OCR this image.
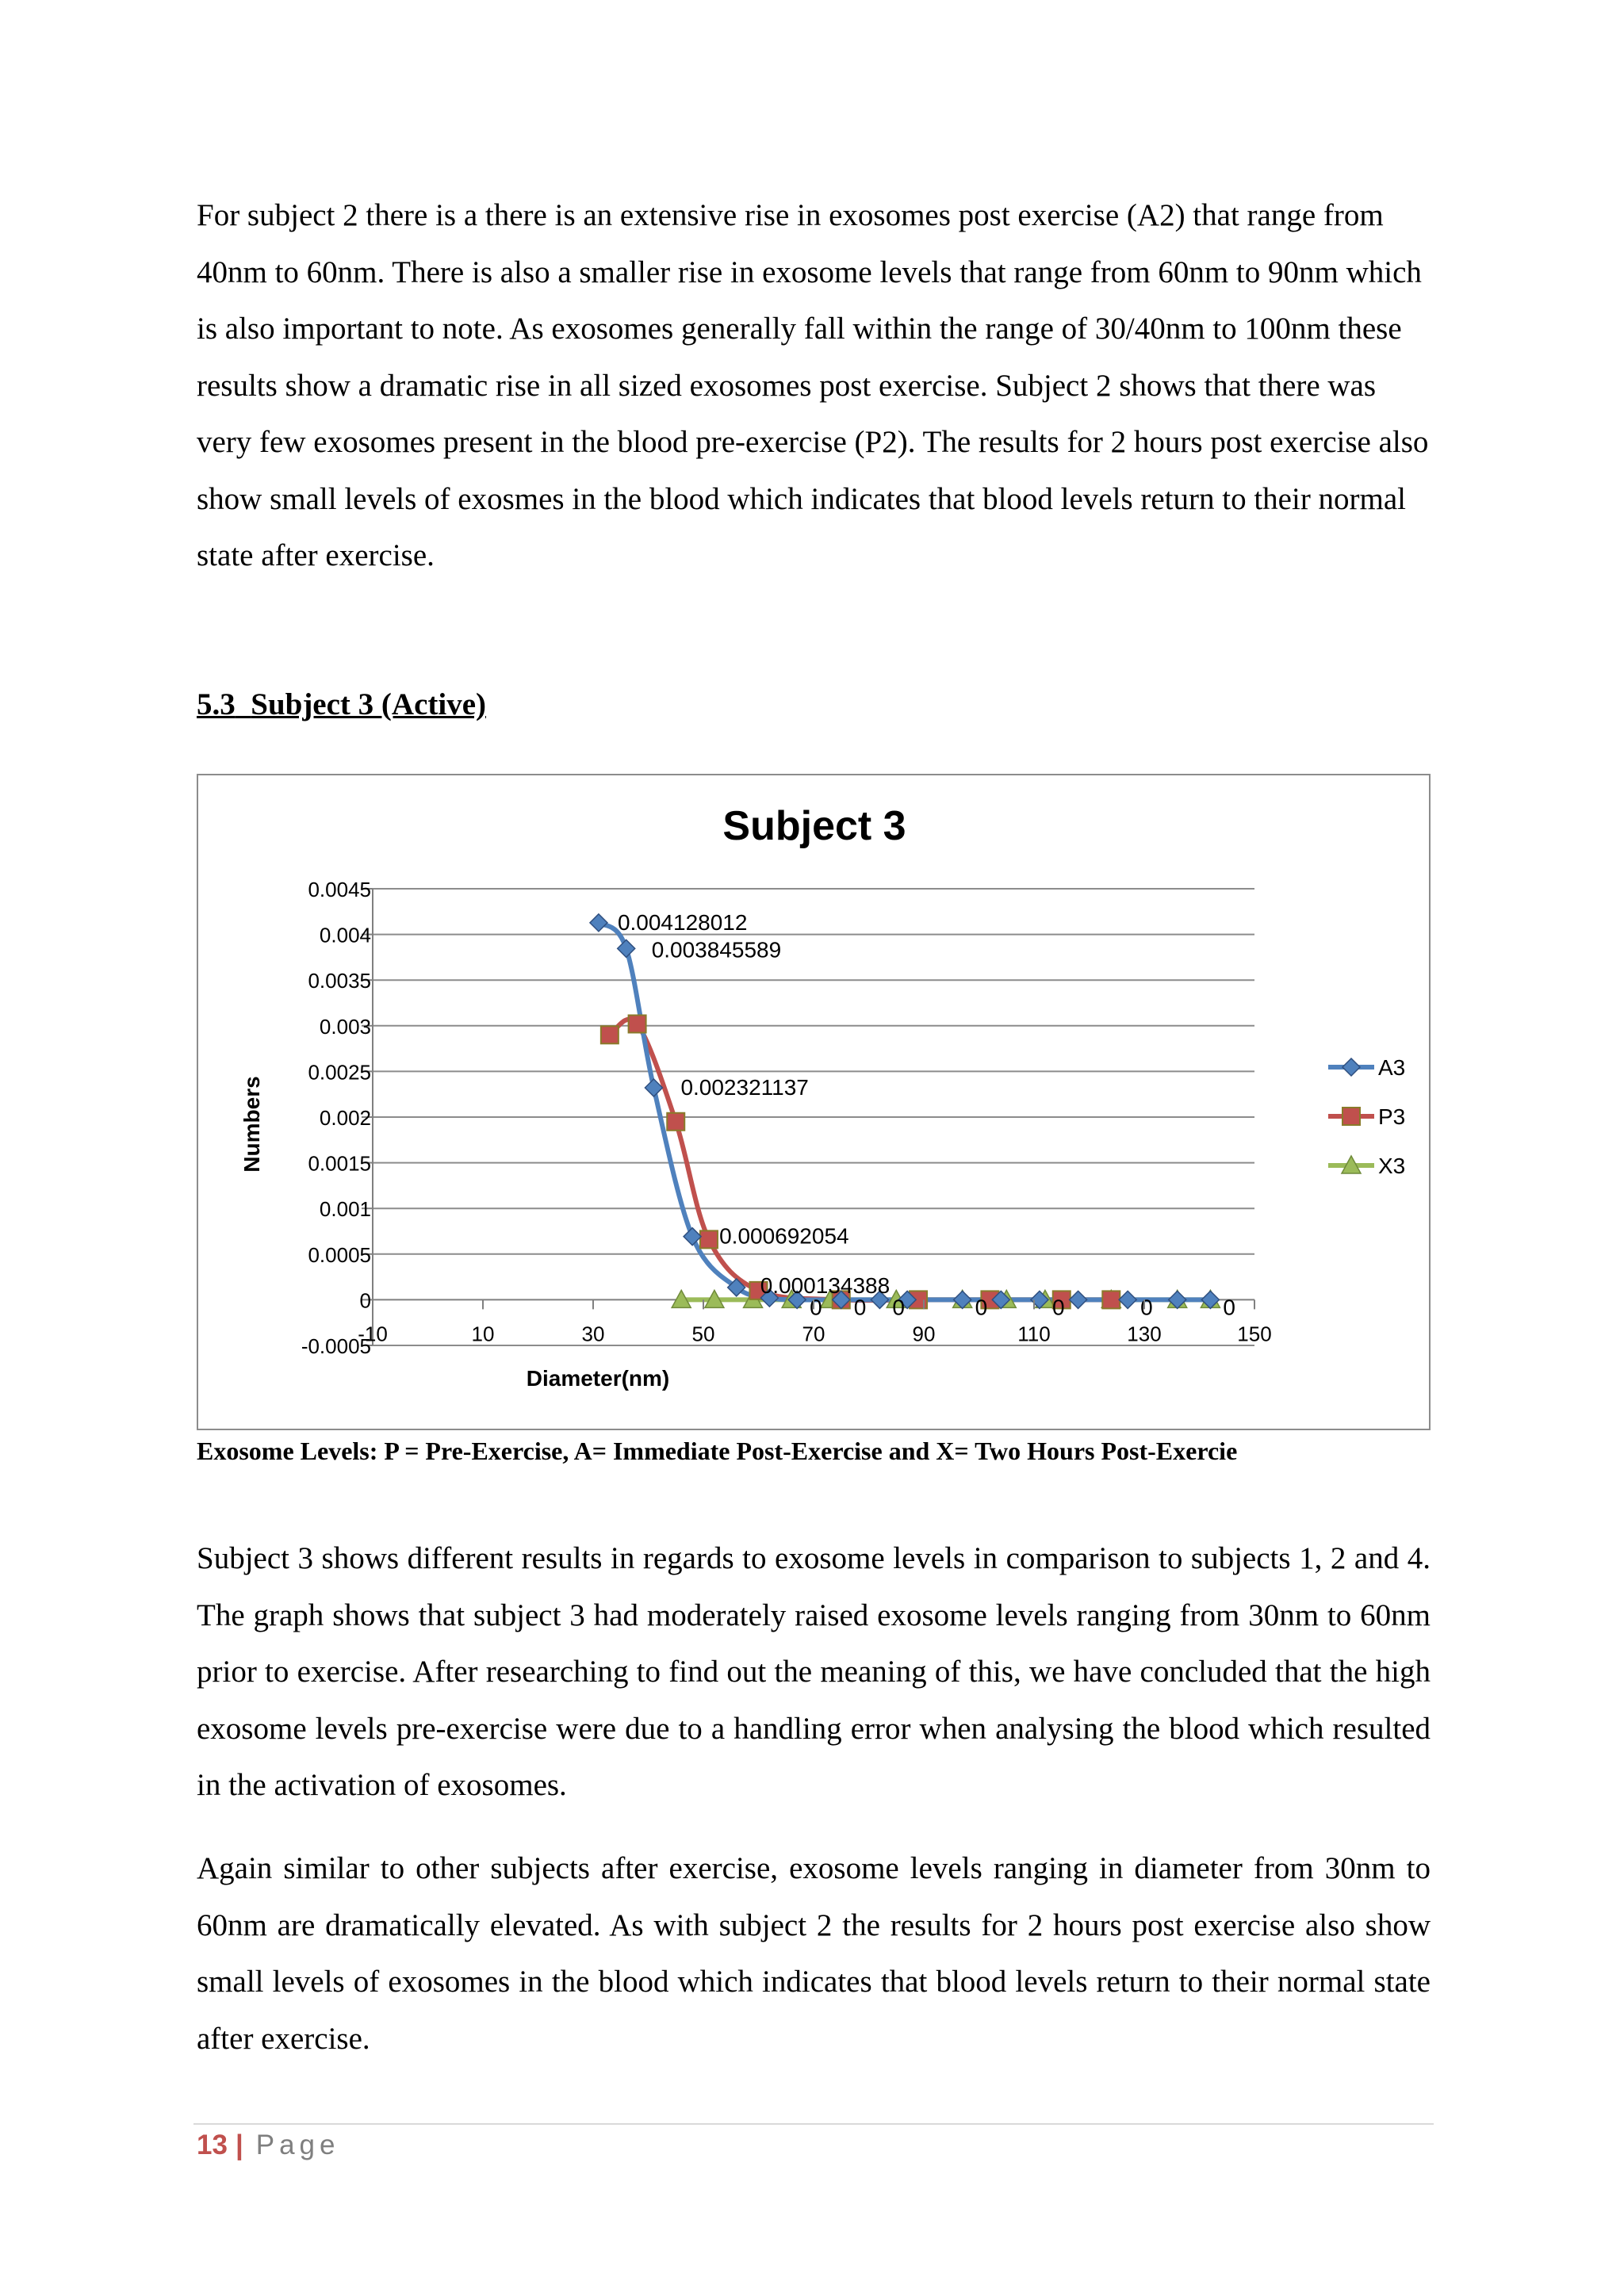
For subject 2 there is a there is an extensive rise in exosomes post exercise (A2) that range from 40nm to 60nm. There is also a smaller rise in exosome levels that range from 60nm to 90nm which is also important to note. As exosomes generally fall within the range of 30/40nm to 100nm these results show a dramatic rise in all sized exosomes post exercise. Subject 2 shows that there was very few exosomes present in the blood pre-exercise (P2). The results for 2 hours post exercise also show small levels of exosmes in the blood which indicates that blood levels return to their normal state after exercise.

5.3 Subject 3 (Active)

0.004128012
0.003845589
0.002321137
0.000692054
0.000134388
0 0 0	0	0	0	0
-0.0005
0
0.0005
0.001
0.0015
0.002
0.0025
0.003
0.0035
0.004
0.0045
-10	10	30	50	70	90	110	130	150
Subject 3
Diameter(nm)
Numbers
A3
P3
X3

Exosome Levels: P = Pre-Exercise, A= Immediate Post-Exercise and X= Two Hours Post-Exercie

Subject 3 shows different results in regards to exosome levels in comparison to subjects 1, 2 and 4. The graph shows that subject 3 had moderately raised exosome levels ranging from 30nm to 60nm prior to exercise. After researching to find out the meaning of this, we have concluded that the high exosome levels pre-exercise were due to a handling error when analysing the blood which resulted in the activation of exosomes.

Again similar to other subjects after exercise, exosome levels ranging in diameter from 30nm to 60nm are dramatically elevated. As with subject 2 the results for 2 hours post exercise also show small levels of exosomes in the blood which indicates that blood levels return to their normal state after exercise.

13 | Page
